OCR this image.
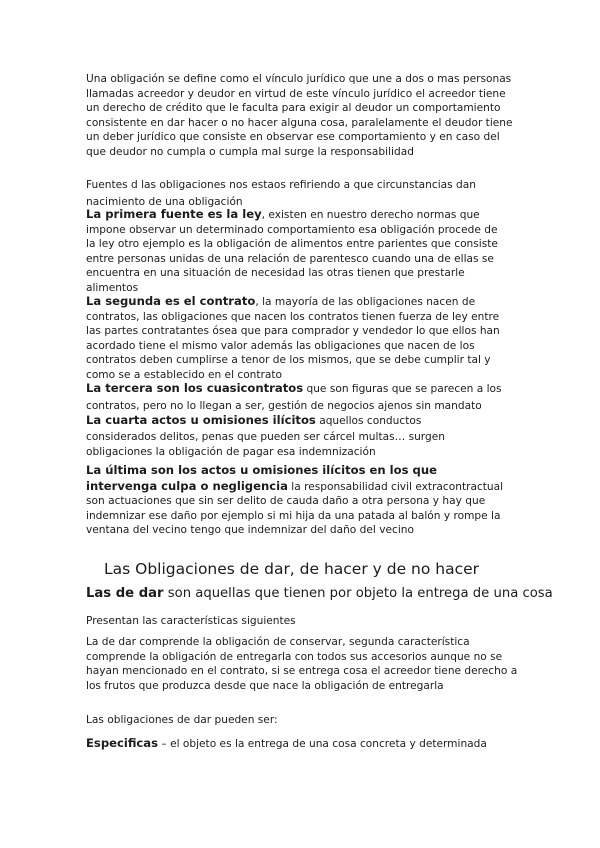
Una obligación se define como el vínculo jurídico que une a dos o mas personas llamadas acreedor y deudor en virtud de este vínculo jurídico el acreedor tiene un derecho de crédito que le faculta para exigir al deudor un comportamiento consistente en dar hacer o no hacer alguna cosa, paralelamente el deudor tiene un deber jurídico que consiste en observar ese comportamiento y en caso del que deudor no cumpla o cumpla mal surge la responsabilidad

Fuentes d las obligaciones nos estaos refiriendo a que circunstancias dan nacimiento de una obligación

La primera fuente es la ley, existen en nuestro derecho normas que impone observar un determinado comportamiento esa obligación procede de la ley otro ejemplo es la obligación de alimentos entre parientes que consiste entre personas unidas de una relación de parentesco cuando una de ellas se encuentra en una situación de necesidad las otras tienen que prestarle alimentos

La segunda es el contrato, la mayoría de las obligaciones nacen de contratos, las obligaciones que nacen los contratos tienen fuerza de ley entre las partes contratantes ósea que para comprador y vendedor lo que ellos han acordado tiene el mismo valor además las obligaciones que nacen de los contratos deben cumplirse a tenor de los mismos, que se debe cumplir tal y como se a establecido en el contrato

La tercera son los cuasicontratos que son figuras que se parecen a los contratos, pero no lo llegan a ser, gestión de negocios ajenos sin mandato

La cuarta actos u omisiones ilícitos aquellos conductos considerados delitos, penas que pueden ser cárcel multas… surgen obligaciones la obligación de pagar esa indemnización

La última son los actos u omisiones ilícitos en los que intervenga culpa o negligencia la responsabilidad civil extracontractual son actuaciones que sin ser delito de cauda daño a otra persona y hay que indemnizar ese daño por ejemplo si mi hija da una patada al balón y rompe la ventana del vecino tengo que indemnizar del daño del vecino

Las Obligaciones de dar, de hacer y de no hacer
Las de dar son aquellas que tienen por objeto la entrega de una cosa

Presentan las características siguientes

La de dar comprende la obligación de conservar, segunda característica comprende la obligación de entregarla con todos sus accesorios aunque no se hayan mencionado en el contrato, si se entrega cosa el acreedor tiene derecho a los frutos que produzca desde que nace la obligación de entregarla

Las obligaciones de dar pueden ser:

Especificas – el objeto es la entrega de una cosa concreta y determinada
